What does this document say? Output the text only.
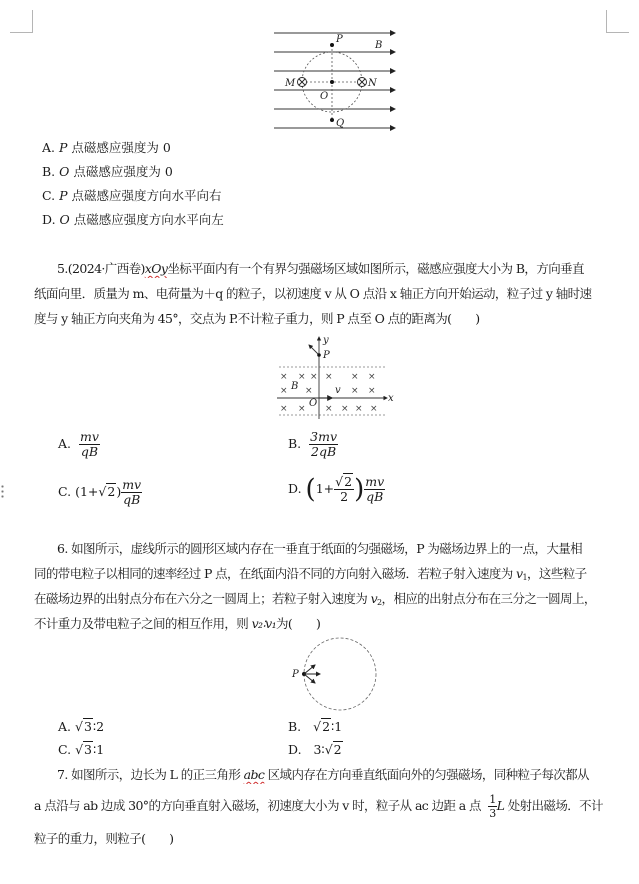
P
B
M
O
N
Q
A. P 点磁感应强度为 0
B. O 点磁感应强度为 0
C. P 点磁感应强度方向水平向右
D. O 点磁感应强度方向水平向左
5.(2024·广西卷)xOy坐标平面内有一个有界匀强磁场区域如图所示，磁感应强度大小为 B，方向垂直
纸面向里．质量为 m、电荷量为＋q 的粒子，以初速度 v 从 O 点沿 x 轴正方向开始运动，粒子过 y 轴时速
度与 y 轴正方向夹角为 45°，交点为 P.不计粒子重力，则 P 点至 O 点的距离为(　　)
× × × × × ×
× ×	× ×
× × × × × ×
y
P
B	v
O	x
A. $\frac{mv}{qB}$	B. $\frac{3mv}{2qB}$
C. $(1+√2) \frac{mv}{qB}$	D. ($1+ \frac{√2}{2}$ ) $\frac{mv}{qB}$
6. 如图所示，虚线所示的圆形区域内存在一垂直于纸面的匀强磁场，P 为磁场边界上的一点，大量相
同的带电粒子以相同的速率经过 P 点，在纸面内沿不同的方向射入磁场．若粒子射入速度为 $v_1$，这些粒子
在磁场边界的出射点分布在六分之一圆周上；若粒子射入速度为 $v_2$，相应的出射点分布在三分之一圆周上，
不计重力及带电粒子之间的相互作用，则 v₂∶v₁为(　　)
P
A. √3∶2	B. √2∶1
C. √3∶1	D. 3∶√2
7. 如图所示，边长为 L 的正三角形 abc 区域内存在方向垂直纸面向外的匀强磁场，同种粒子每次都从
a 点沿与 ab 边成 30°的方向垂直射入磁场，初速度大小为 v 时，粒子从 ac 边距 a 点 $\frac{1}{3}$ L 处射出磁场．不计
粒子的重力，则粒子(　　)
